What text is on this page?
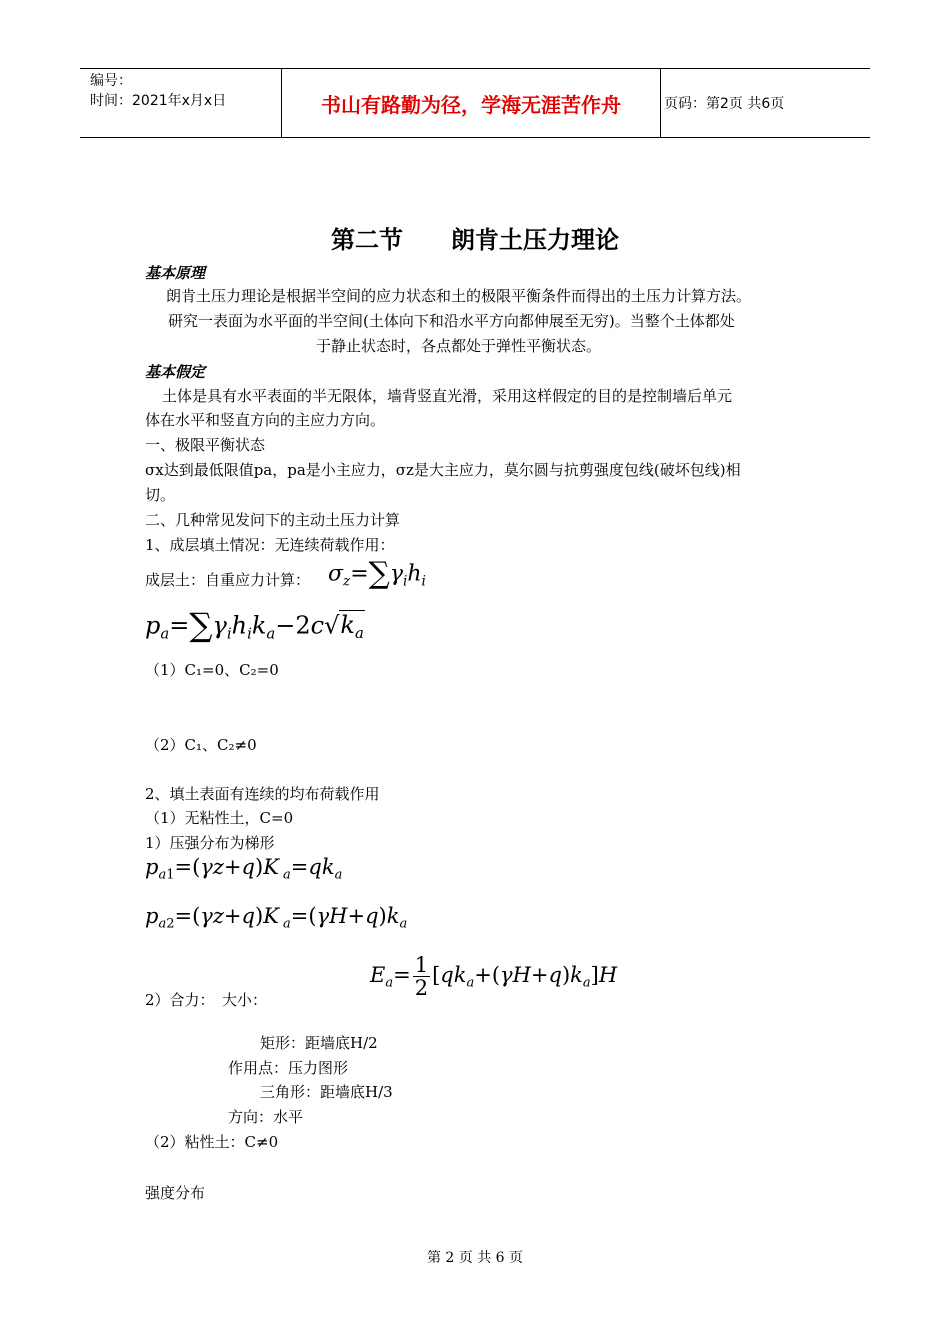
编号：
时间：2021年x月x日	书山有路勤为径，学海无涯苦作舟	页码：第2页 共6页
第二节　　朗肯土压力理论
基本原理
朗肯土压力理论是根据半空间的应力状态和土的极限平衡条件而得出的土压力计算方法。
研究一表面为水平面的半空间(土体向下和沿水平方向都伸展至无穷)。当整个土体都处
于静止状态时，各点都处于弹性平衡状态。
基本假定
土体是具有水平表面的半无限体，墙背竖直光滑，采用这样假定的目的是控制墙后单元
体在水平和竖直方向的主应力方向。
一、极限平衡状态
σx达到最低限值pa，pa是小主应力，σz是大主应力，莫尔圆与抗剪强度包线(破坏包线)相
切。
二、几种常见发问下的主动土压力计算
1、成层填土情况：无连续荷载作用：
成层土：自重应力计算： $\sigma_z=\sum\gamma_ih_i$
$p_a=\sum\gamma_ih_ik_a-2c√k_a$
（1）C₁=0、C₂=0
（2）C₁、C₂≠0
2、填土表面有连续的均布荷载作用
（1）无粘性土，C=0
1）压强分布为梯形
$p_{a1}=(\gamma z+q)K$ $_a=qk_a$
$p_{a2}=(\gamma z+q)K$ $_a=(\gamma H+q)k_a$
$E_a= \frac{1}{2} [qk_a+(\gamma H+q)k_a]H$
2）合力：　大小：
矩形：距墙底H/2
作用点：压力图形
三角形：距墙底H/3
方向：水平
（2）粘性土：C≠0
强度分布
第 2 页 共 6 页
